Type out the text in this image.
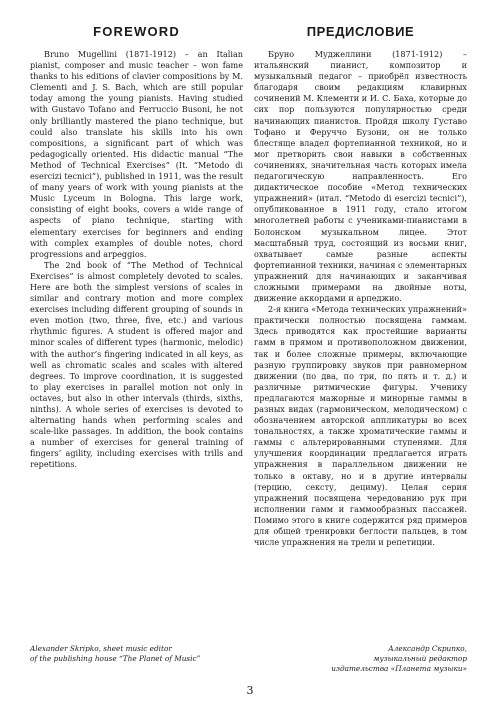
FOREWORD

Bruno Mugellini (1871-1912) – an Italian pianist, composer and music teacher – won fame thanks to his editions of clavier compositions by M. Clementi and J. S. Bach, which are still popular today among the young pianists. Having studied with Gustavo Tofano and Ferruccio Busoni, he not only brilliantly mastered the piano technique, but could also translate his skills into his own compositions, a significant part of which was pedagogically oriented. His didactic manual “The Method of Technical Exercises” (It. “Metodo di esercizi tecnici”), published in 1911, was the result of many years of work with young pianists at the Music Lyceum in Bologna. This large work, consisting of eight books, covers a wide range of aspects of piano technique, starting with elementary exercises for beginners and ending with complex examples of double notes, chord progressions and arpeggios.

The 2nd book of “The Method of Technical Exercises” is almost completely devoted to scales. Here are both the simplest versions of scales in similar and contrary motion and more complex exercises including different grouping of sounds in even motion (two, three, five, etc.) and various rhythmic figures. A student is offered major and minor scales of different types (harmonic, melodic) with the author’s fingering indicated in all keys, as well as chromatic scales and scales with altered degrees. To improve coordination, it is suggested to play exercises in parallel motion not only in octaves, but also in other intervals (thirds, sixths, ninths). A whole series of exercises is devoted to alternating hands when performing scales and scale-like passages. In addition, the book contains a number of exercises for general training of fingers’ agility, including exercises with trills and repetitions.

ПРЕДИСЛОВИЕ

Бруно Муджеллини (1871-1912) – итальянский пианист, композитор и музыкальный педагог – приобрёл известность благодаря своим редакциям клавирных сочинений М. Клементи и И. С. Баха, которые до сих пор пользуются популярностью среди начинающих пианистов. Пройдя школу Густаво Тофано и Феруччо Бузони, он не только блестяще владел фортепианной техникой, но и мог претворить свои навыки в собственных сочинениях, значительная часть которых имела педагогическую направленность. Его дидактическое пособие «Метод технических упражнений» (итал. “Metodo di esercizi tecnici”), опубликованное в 1911 году, стало итогом многолетней работы с учениками-пианистами в Болонском музыкальном лицее. Этот масштабный труд, состоящий из восьми книг, охватывает самые разные аспекты фортепианной техники, начиная с элементарных упражнений для начинающих и заканчивая сложными примерами на двойные ноты, движение аккордами и арпеджио.

2-я книга «Метода технических упражнений» практически полностью посвящена гаммам. Здесь приводятся как простейшие варианты гамм в прямом и противоположном движении, так и более сложные примеры, включающие разную группировку звуков при равномерном движении (по два, по три, по пять и т. д.) и различные ритмические фигуры. Ученику предлагаются мажорные и минорные гаммы в разных видах (гармоническом, мелодическом) с обозначением авторской аппликатуры во всех тональностях, а также хроматические гаммы и гаммы с альтерированными ступенями. Для улучшения координации предлагается играть упражнения в параллельном движении не только в октаву, но и в другие интервалы (терцию, сексту, дециму). Целая серия упражнений посвящена чередованию рук при исполнении гамм и гаммообразных пассажей. Помимо этого в книге содержится ряд примеров для общей тренировки беглости пальцев, в том числе упражнения на трели и репетиции.

Alexander Skripko, sheet music editor
of the publishing house “The Planet of Music”
Александр Скрипко,
музыкальный редактор
издательства «Планета музыки»
3
